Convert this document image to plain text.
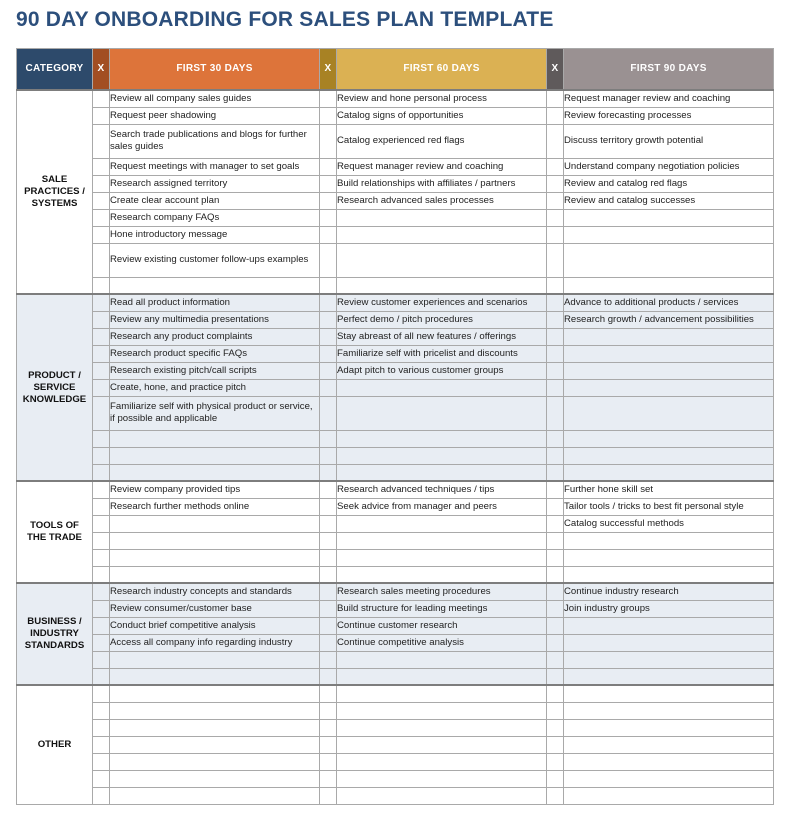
90 DAY ONBOARDING FOR SALES PLAN TEMPLATE
CATEGORY	X	FIRST 30 DAYS	X	FIRST 60 DAYS	X	FIRST 90 DAYS
SALE
PRACTICES /
SYSTEMS		Review all company sales guides		Review and hone personal process		Request manager review and coaching
		Request peer shadowing		Catalog signs of opportunities		Review forecasting processes
		Search trade publications and blogs for further sales guides		Catalog experienced red flags		Discuss territory growth potential
		Request meetings with manager to set goals		Request manager review and coaching		Understand company negotiation policies
		Research assigned territory		Build relationships with affiliates / partners		Review and catalog red flags
		Create clear account plan		Research advanced sales processes		Review and catalog successes
		Research company FAQs				
		Hone introductory message				
		Review existing customer follow-ups examples				

PRODUCT /
SERVICE
KNOWLEDGE		Read all product information		Review customer experiences and scenarios		Advance to additional products / services
		Review any multimedia presentations		Perfect demo / pitch procedures		Research growth / advancement possibilities
		Research any product complaints		Stay abreast of all new features / offerings		
		Research product specific FAQs		Familiarize self with pricelist and discounts		
		Research existing pitch/call scripts		Adapt pitch to various customer groups		
		Create, hone, and practice pitch				
		Familiarize self with physical product or service, if possible and applicable				

TOOLS OF
THE TRADE		Review company provided tips		Research advanced techniques / tips		Further hone skill set
		Research further methods online		Seek advice from manager and peers		Tailor tools / tricks to best fit personal style
						Catalog successful methods

BUSINESS /
INDUSTRY
STANDARDS		Research industry concepts and standards		Research sales meeting procedures		Continue industry research
		Review consumer/customer base		Build structure for leading meetings		Join industry groups
		Conduct brief competitive analysis		Continue customer research		
		Access all company info regarding industry		Continue competitive analysis		

OTHER						
